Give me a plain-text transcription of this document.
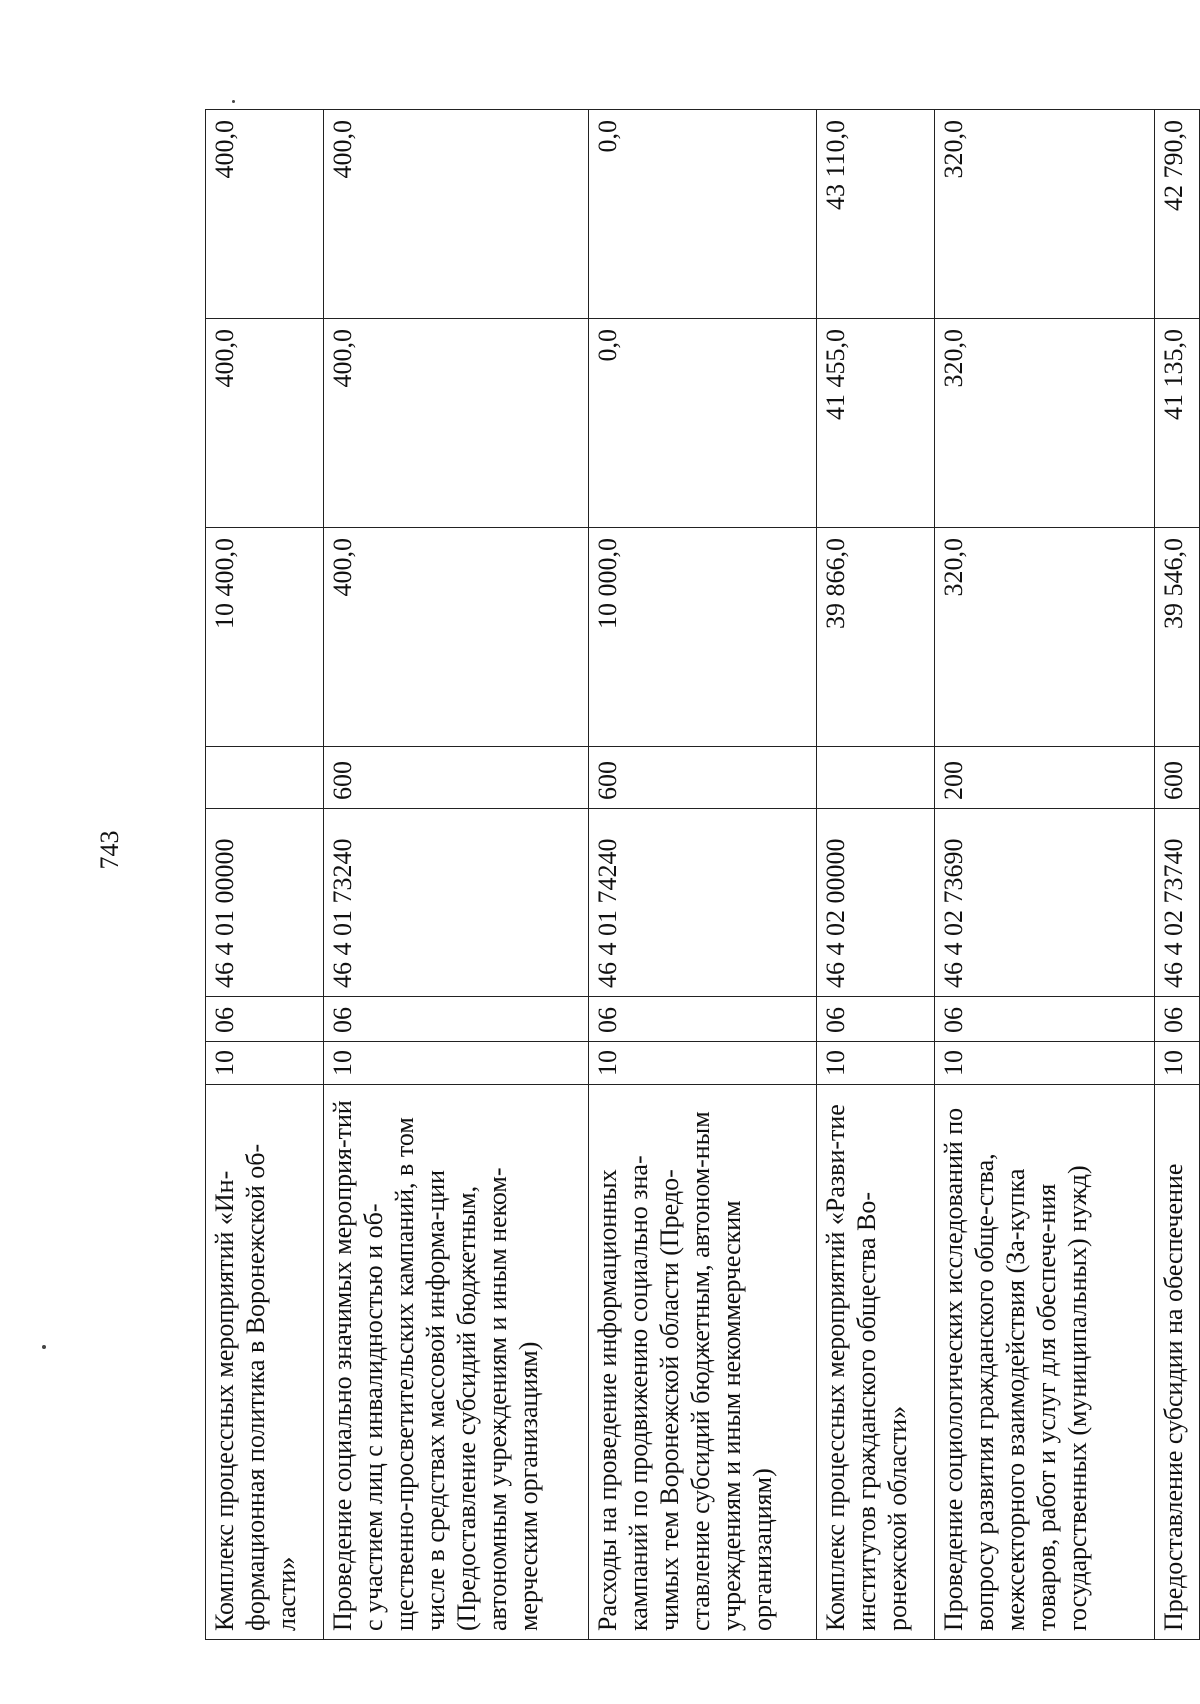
743
Комплекс процессных мероприятий «Ин-формационная политика в Воронежской об-ласти»	10	06	46 4 01 00000		10 400,0	400,0	400,0
Проведение социально значимых мероприя-тий с участием лиц с инвалидностью и об-щественно-просветительских кампаний, в том числе в средствах массовой информа-ции (Предоставление субсидий бюджетным, автономным учреждениям и иным неком-мерческим организациям)	10	06	46 4 01 73240	600	400,0	400,0	400,0
Расходы на проведение информационных кампаний по продвижению социально зна-чимых тем Воронежской области (Предо-ставление субсидий бюджетным, автоном-ным учреждениям и иным некоммерческим организациям)	10	06	46 4 01 74240	600	10 000,0	0,0	0,0
Комплекс процессных мероприятий «Разви-тие институтов гражданского общества Во-ронежской области»	10	06	46 4 02 00000		39 866,0	41 455,0	43 110,0
Проведение социологических исследований по вопросу развития гражданского обще-ства, межсекторного взаимодействия (За-купка товаров, работ и услуг для обеспече-ния государственных (муниципальных) нужд)	10	06	46 4 02 73690	200	320,0	320,0	320,0
Предоставление субсидии на обеспечение	10	06	46 4 02 73740	600	39 546,0	41 135,0	42 790,0
